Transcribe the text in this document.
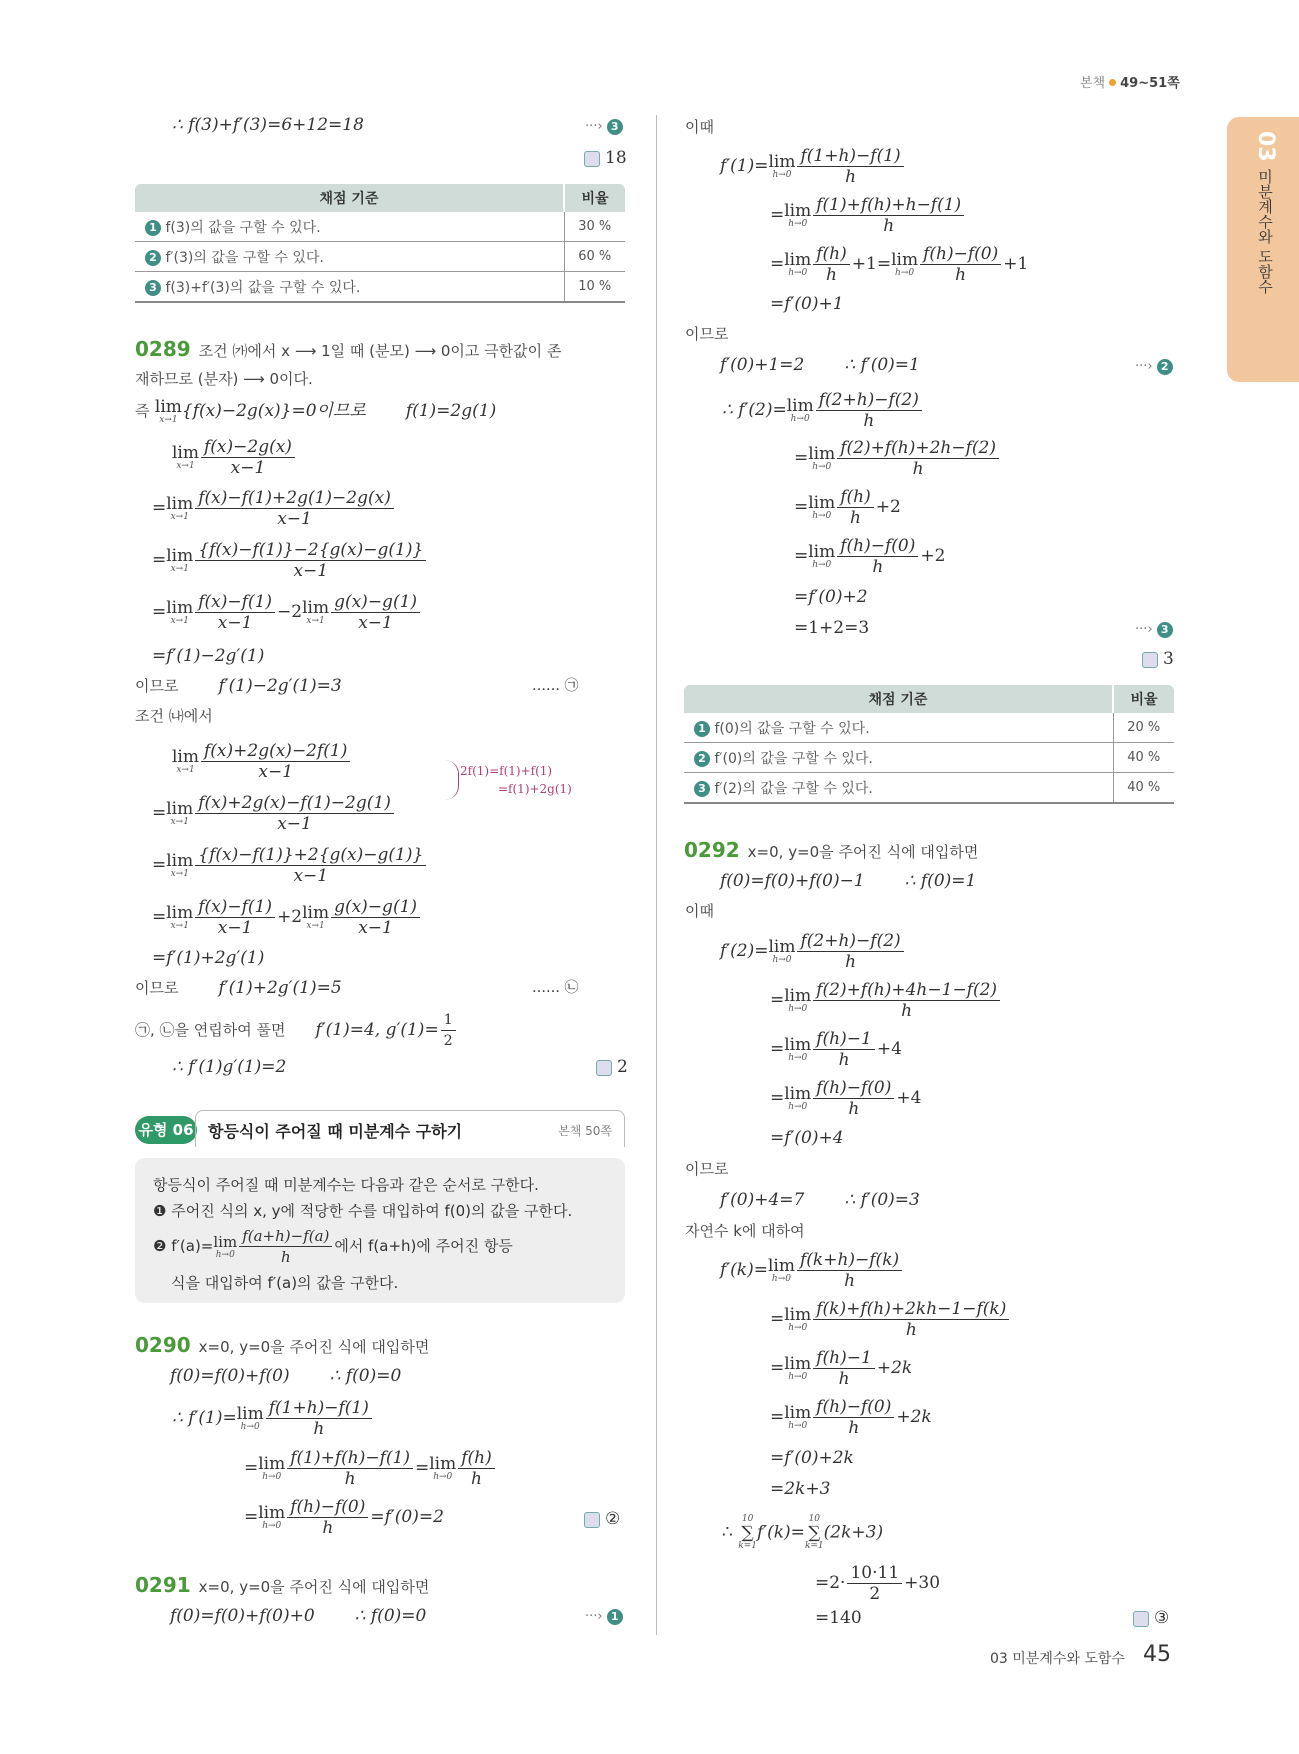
본책 49~51쪽
03
미분계수와 도함수
∴ f(3)+f′(3)=6+12=18	···› 3
18
채점 기준	비율
1 f(3)의 값을 구할 수 있다.	30 %
2 f′(3)의 값을 구할 수 있다.	60 %
3 f(3)+f′(3)의 값을 구할 수 있다.	10 %
0289 조건 ㈎에서 x ⟶ 1일 때 (분모) ⟶ 0이고 극한값이 존
재하므로 (분자) ⟶ 0이다.
즉 lim
x→1 {f(x)−2g(x)}=0이므로 f(1)=2g(1)
lim
$x\to 1 \frac{f(x)-2g(x)}{x-1}$
= lim
$x\to 1 \frac{f(x)-f(1)+2g(1)-2g(x)}{x-1}$
= lim
$x\to 1 \frac{\{f(x)-f(1)\}-2\{g(x)-g(1)\}}{x-1}$
= lim
$x\to 1 \frac{f(x)-f(1)}{x-1} -2$ lim
$x\to 1 \frac{g(x)-g(1)}{x-1}$
=f′(1)−2g′(1)
이므로 f′(1)−2g′(1)=3	…… ㉠
조건 ㈏에서
lim
$x\to 1 \frac{f(x)+2g(x)-2f(1)}{x-1}$	2f(1)=f(1)+f(1)
=f(1)+2g(1)
= lim
$x\to 1 \frac{f(x)+2g(x)-f(1)-2g(1)}{x-1}$
= lim
$x\to 1 \frac{\{f(x)-f(1)\}+2\{g(x)-g(1)\}}{x-1}$
= lim
$x\to 1 \frac{f(x)-f(1)}{x-1} +2$ lim
$x\to 1 \frac{g(x)-g(1)}{x-1}$
=f′(1)+2g′(1)
이므로 f′(1)+2g′(1)=5	…… ㉡
㉠, ㉡을 연립하여 풀면 f′(1)=4, $g'(1)= \frac{1}{2}$
∴ f′(1)g′(1)=2	2
유형 06 항등식이 주어질 때 미분계수 구하기	본책 50쪽
항등식이 주어질 때 미분계수는 다음과 같은 순서로 구한다.
❶ 주어진 식의 x, y에 적당한 수를 대입하여 f(0)의 값을 구한다.
❷ f′(a)= lim
$h\to 0 \frac{f(a+h)-f(a)}{h}$ 에서 f(a+h)에 주어진 항등
식을 대입하여 f′(a)의 값을 구한다.
0290 x=0, y=0을 주어진 식에 대입하면
f(0)=f(0)+f(0) ∴ f(0)=0
∴ f′(1)= lim
$h\to 0 \frac{f(1+h)-f(1)}{h}$
= lim
$h\to 0 \frac{f(1)+f(h)-f(1)}{h} = \lim$
$h\to 0 \frac{f(h)}{h}$
= lim
$h\to 0 \frac{f(h)-f(0)}{h} =f'(0)=2$	②
0291 x=0, y=0을 주어진 식에 대입하면
f(0)=f(0)+f(0)+0 ∴ f(0)=0	···› 1
이때
f′(1)= lim
$h\to 0 \frac{f(1+h)-f(1)}{h}$
= lim
$h\to 0 \frac{f(1)+f(h)+h-f(1)}{h}$
= lim
$h\to 0 \frac{f(h)}{h} +1= \lim$
$h\to 0 \frac{f(h)-f(0)}{h} +1$
=f′(0)+1
이므로
f′(0)+1=2 ∴ f′(0)=1	···› 2
∴ f′(2)= lim
$h\to 0 \frac{f(2+h)-f(2)}{h}$
= lim
$h\to 0 \frac{f(2)+f(h)+2h-f(2)}{h}$
= lim
$h\to 0 \frac{f(h)}{h} +2$
= lim
$h\to 0 \frac{f(h)-f(0)}{h} +2$
=f′(0)+2
=1+2=3	···› 3
3
채점 기준	비율
1 f(0)의 값을 구할 수 있다.	20 %
2 f′(0)의 값을 구할 수 있다.	40 %
3 f′(2)의 값을 구할 수 있다.	40 %
0292 x=0, y=0을 주어진 식에 대입하면
f(0)=f(0)+f(0)−1 ∴ f(0)=1
이때
f′(2)= lim
$h\to 0 \frac{f(2+h)-f(2)}{h}$
= lim
$h\to 0 \frac{f(2)+f(h)+4h-1-f(2)}{h}$
= lim
$h\to 0 \frac{f(h)-1}{h} +4$
= lim
$h\to 0 \frac{f(h)-f(0)}{h} +4$
=f′(0)+4
이므로
f′(0)+4=7 ∴ f′(0)=3
자연수 k에 대하여
f′(k)= lim
$h\to 0 \frac{f(k+h)-f(k)}{h}$
= lim
$h\to 0 \frac{f(k)+f(h)+2kh-1-f(k)}{h}$
= lim
$h\to 0 \frac{f(h)-1}{h} +2k$
= lim
$h\to 0 \frac{f(h)-f(0)}{h} +2k$
=f′(0)+2k
=2k+3
∴
10
∑
k=1
f′(k)=
10
∑
k=1
(2k+3)
$=2\cdot \frac{10\cdot 11}{2} +30$
=140	③
03 미분계수와 도함수 45
